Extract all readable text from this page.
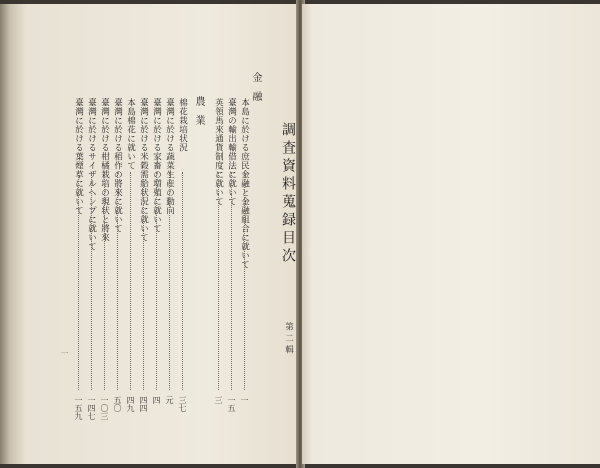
金融
本島に於ける庶民金融と金融組合に就いて
一
臺灣の輸出輸借法に就いて
一五
英領馬來通貨制度に就いて
三
農業
棉花栽培状況
三七
臺灣に於ける蔬菜生産の動向
元
臺灣に於ける家畜の増殖に就いて
四
臺灣に於ける米穀需給状況に就いて
四四
本島棉花に就いて
四九
臺灣に於ける稻作の將來に就いて
五〇
臺灣に於ける柑橘栽培の現状と將來
一〇三
臺灣に於けるサイザルヘンプに就いて
一四七
臺灣に於ける葉煙草に就いて
一五九
一
調査資料蒐録目次
第二輯
